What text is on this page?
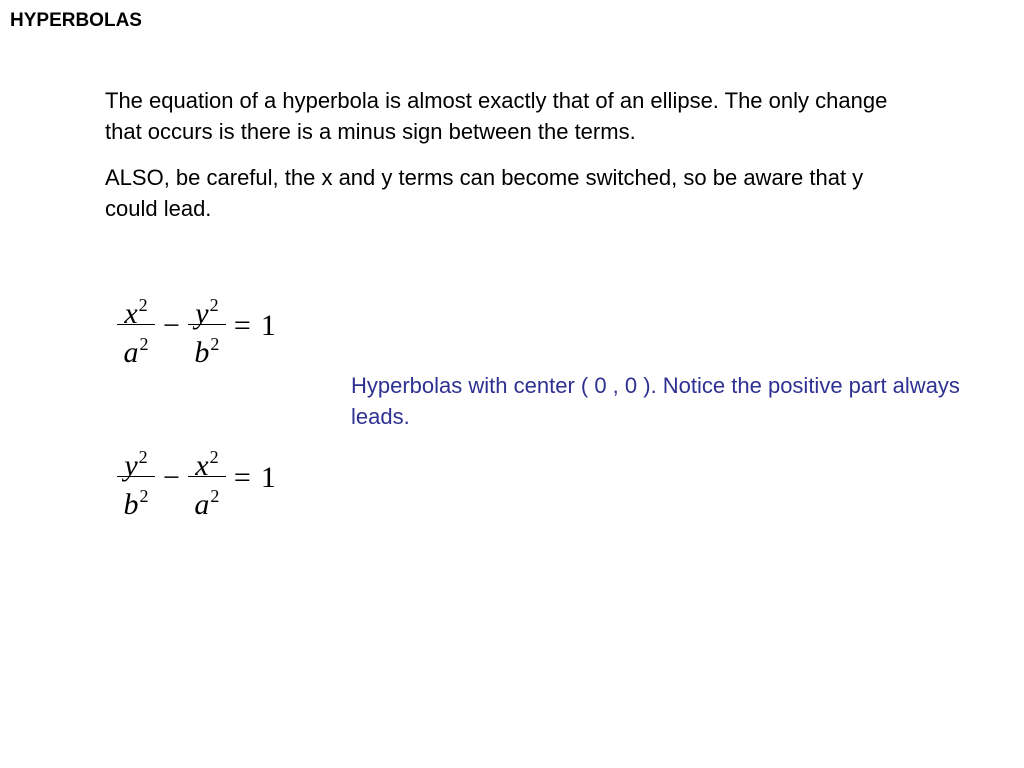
HYPERBOLAS

The equation of a hyperbola is almost exactly that of an ellipse. The only change that occurs is there is a minus sign between the terms.

ALSO, be careful, the x and y terms can become switched, so be aware that y could lead.

$\frac{x^2}{a^2} - \frac{y^2}{b^2} = 1$
Hyperbolas with center ( 0 , 0 ). Notice the positive part always leads.
$\frac{y^2}{b^2} - \frac{x^2}{a^2} = 1$
